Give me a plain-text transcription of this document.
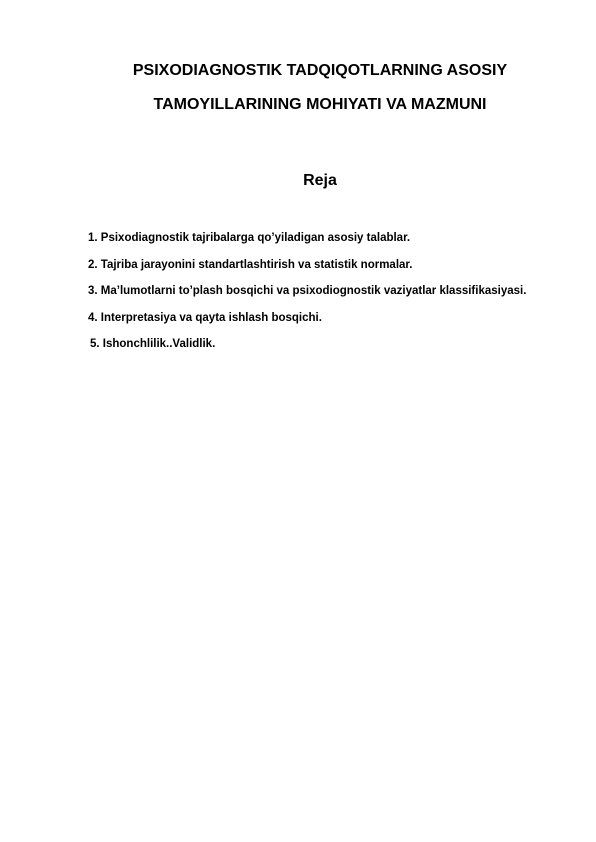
PSIXODIAGNOSTIK TADQIQOTLARNING ASOSIY
TAMOYILLARINING MOHIYATI VA MAZMUNI
Reja
1. Psixodiagnostik tajribalarga qo’yiladigan asosiy talablar.
2. Tajriba jarayonini standartlashtirish va statistik normalar.
3. Ma’lumotlarni to’plash bosqichi va psixodiognostik vaziyatlar klassifikasiyasi.
4. Interpretasiya va qayta ishlash bosqichi.
5. Ishonchlilik..Validlik.
